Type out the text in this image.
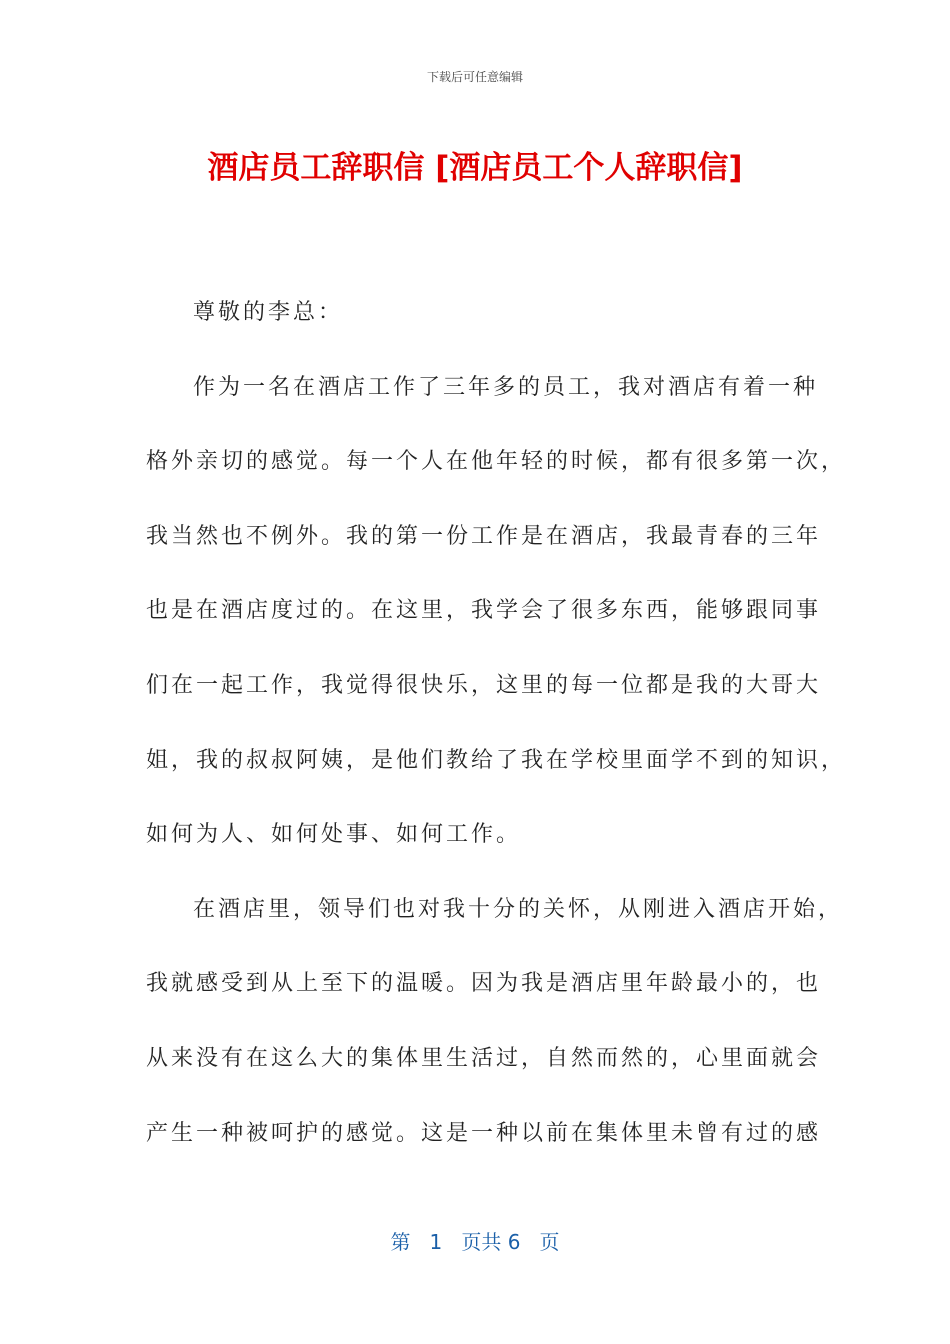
下载后可任意编辑
酒店员工辞职信 [酒店员工个人辞职信]
尊敬的李总：
作为一名在酒店工作了三年多的员工，我对酒店有着一种
格外亲切的感觉。每一个人在他年轻的时候，都有很多第一次，
我当然也不例外。我的第一份工作是在酒店，我最青春的三年
也是在酒店度过的。在这里，我学会了很多东西，能够跟同事
们在一起工作，我觉得很快乐，这里的每一位都是我的大哥大
姐，我的叔叔阿姨，是他们教给了我在学校里面学不到的知识，
如何为人、如何处事、如何工作。
在酒店里，领导们也对我十分的关怀，从刚进入酒店开始，
我就感受到从上至下的温暖。因为我是酒店里年龄最小的，也
从来没有在这么大的集体里生活过，自然而然的，心里面就会
产生一种被呵护的感觉。这是一种以前在集体里未曾有过的感
第 1 页共 6 页
